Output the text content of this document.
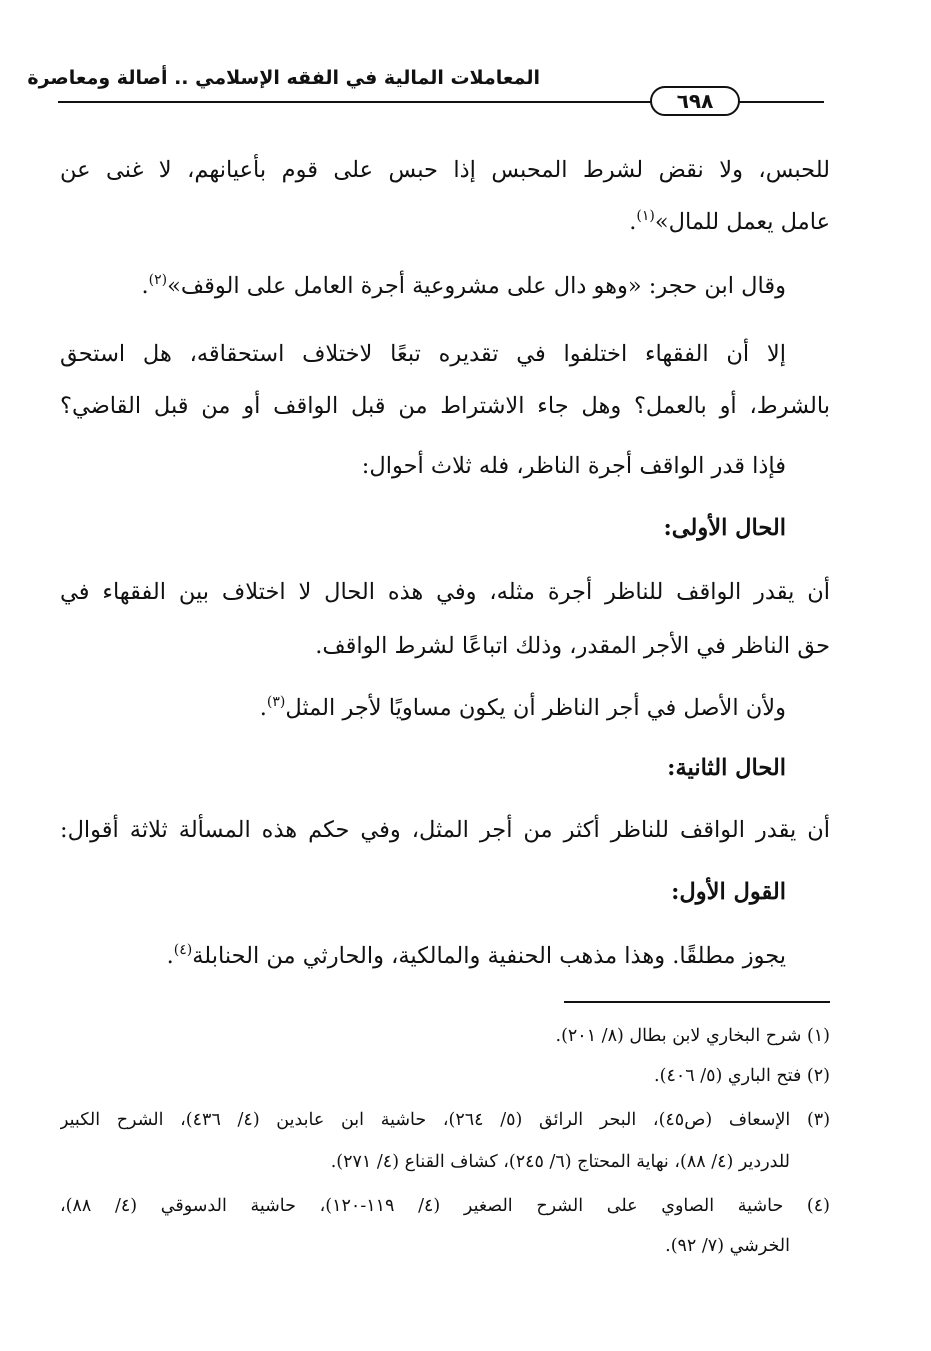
المعاملات المالية في الفقه الإسلامي .. أصالة ومعاصرة
٦٩٨
للحبس، ولا نقض لشرط المحبس إذا حبس على قوم بأعيانهم، لا غنى عن
عامل يعمل للمال»$^{(١)}$.
وقال ابن حجر: «وهو دال على مشروعية أجرة العامل على الوقف»$^{(٢)}$.
إلا أن الفقهاء اختلفوا في تقديره تبعًا لاختلاف استحقاقه، هل استحق
بالشرط، أو بالعمل؟ وهل جاء الاشتراط من قبل الواقف أو من قبل القاضي؟
فإذا قدر الواقف أجرة الناظر، فله ثلاث أحوال:
الحال الأولى:
أن يقدر الواقف للناظر أجرة مثله، وفي هذه الحال لا اختلاف بين الفقهاء في
حق الناظر في الأجر المقدر، وذلك اتباعًا لشرط الواقف.
ولأن الأصل في أجر الناظر أن يكون مساويًا لأجر المثل$^{(٣)}$.
الحال الثانية:
أن يقدر الواقف للناظر أكثر من أجر المثل، وفي حكم هذه المسألة ثلاثة أقوال:
القول الأول:
يجوز مطلقًا. وهذا مذهب الحنفية والمالكية، والحارثي من الحنابلة$^{(٤)}$.
(١) شرح البخاري لابن بطال (٨/ ٢٠١).
(٢) فتح الباري (٥/ ٤٠٦).
(٣) الإسعاف (ص٤٥)، البحر الرائق (٥/ ٢٦٤)، حاشية ابن عابدين (٤/ ٤٣٦)، الشرح الكبير
للدردير (٤/ ٨٨)، نهاية المحتاج (٦/ ٢٤٥)، كشاف القناع (٤/ ٢٧١).
(٤) حاشية الصاوي على الشرح الصغير (٤/ ١١٩-١٢٠)، حاشية الدسوقي (٤/ ٨٨)،
الخرشي (٧/ ٩٢).
